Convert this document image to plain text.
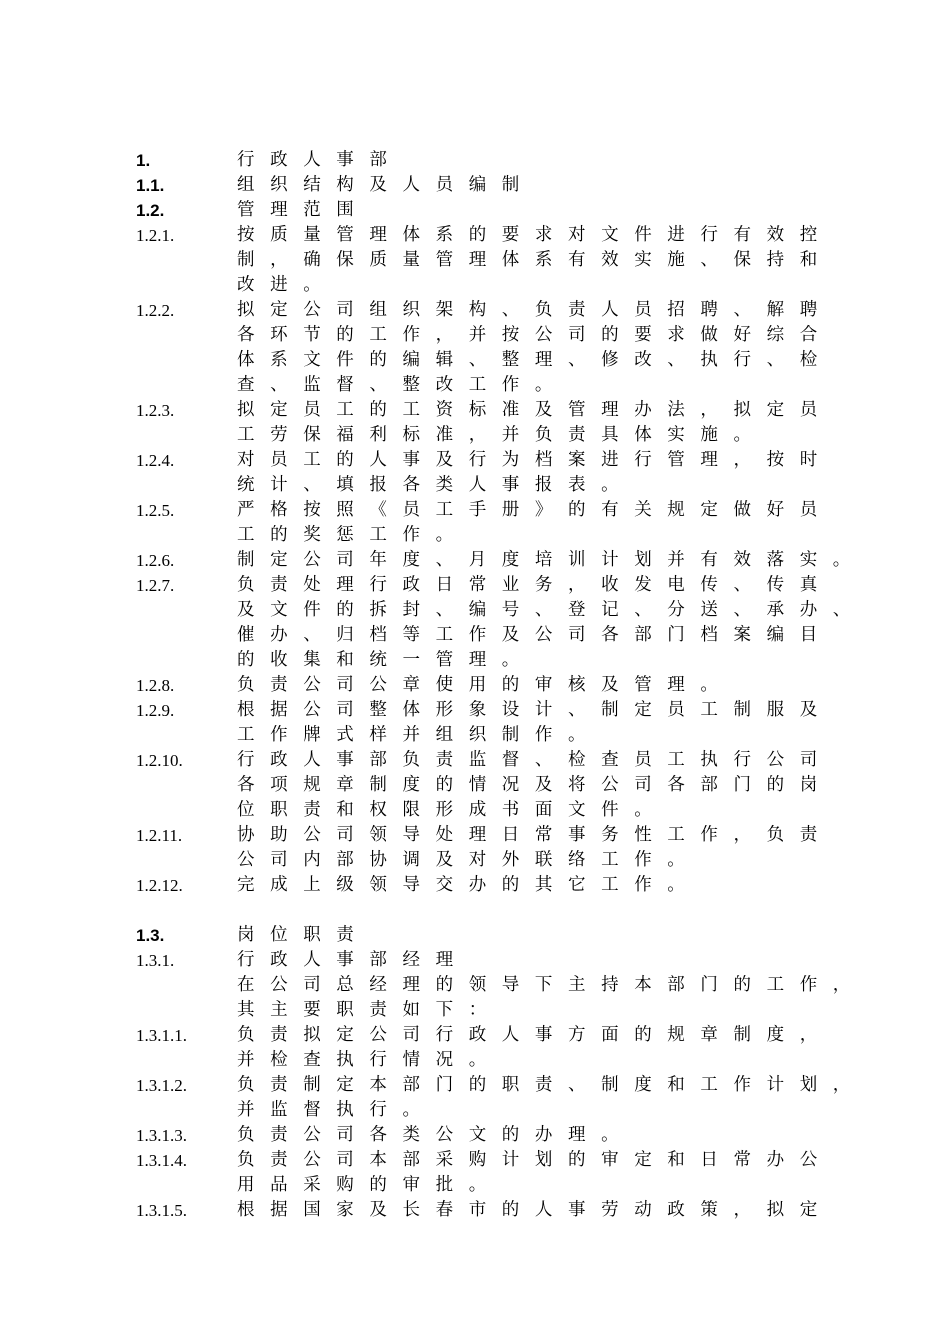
1.	行政人事部
1.1.	组织结构及人员编制
1.2.	管理范围
1.2.1.	按质量管理体系的要求对文件进行有效控
制，确保质量管理体系有效实施、保持和
改进。
1.2.2.	拟定公司组织架构、负责人员招聘、解聘
各环节的工作，并按公司的要求做好综合
体系文件的编辑、整理、修改、执行、检
查、监督、整改工作。
1.2.3.	拟定员工的工资标准及管理办法，拟定员
工劳保福利标准，并负责具体实施。
1.2.4.	对员工的人事及行为档案进行管理，按时
统计、填报各类人事报表。
1.2.5.	严格按照《员工手册》的有关规定做好员
工的奖惩工作。
1.2.6.	制定公司年度、月度培训计划并有效落实。
1.2.7.	负责处理行政日常业务，收发电传、传真
及文件的拆封、编号、登记、分送、承办、
催办、归档等工作及公司各部门档案编目
的收集和统一管理。
1.2.8.	负责公司公章使用的审核及管理。
1.2.9.	根据公司整体形象设计、制定员工制服及
工作牌式样并组织制作。
1.2.10.	行政人事部负责监督、检查员工执行公司
各项规章制度的情况及将公司各部门的岗
位职责和权限形成书面文件。
1.2.11.	协助公司领导处理日常事务性工作，负责
公司内部协调及对外联络工作。
1.2.12.	完成上级领导交办的其它工作。
1.3.	岗位职责
1.3.1.	行政人事部经理
在公司总经理的领导下主持本部门的工作，
其主要职责如下：
1.3.1.1.	负责拟定公司行政人事方面的规章制度，
并检查执行情况。
1.3.1.2.	负责制定本部门的职责、制度和工作计划，
并监督执行。
1.3.1.3.	负责公司各类公文的办理。
1.3.1.4.	负责公司本部采购计划的审定和日常办公
用品采购的审批。
1.3.1.5.	根据国家及长春市的人事劳动政策，拟定
